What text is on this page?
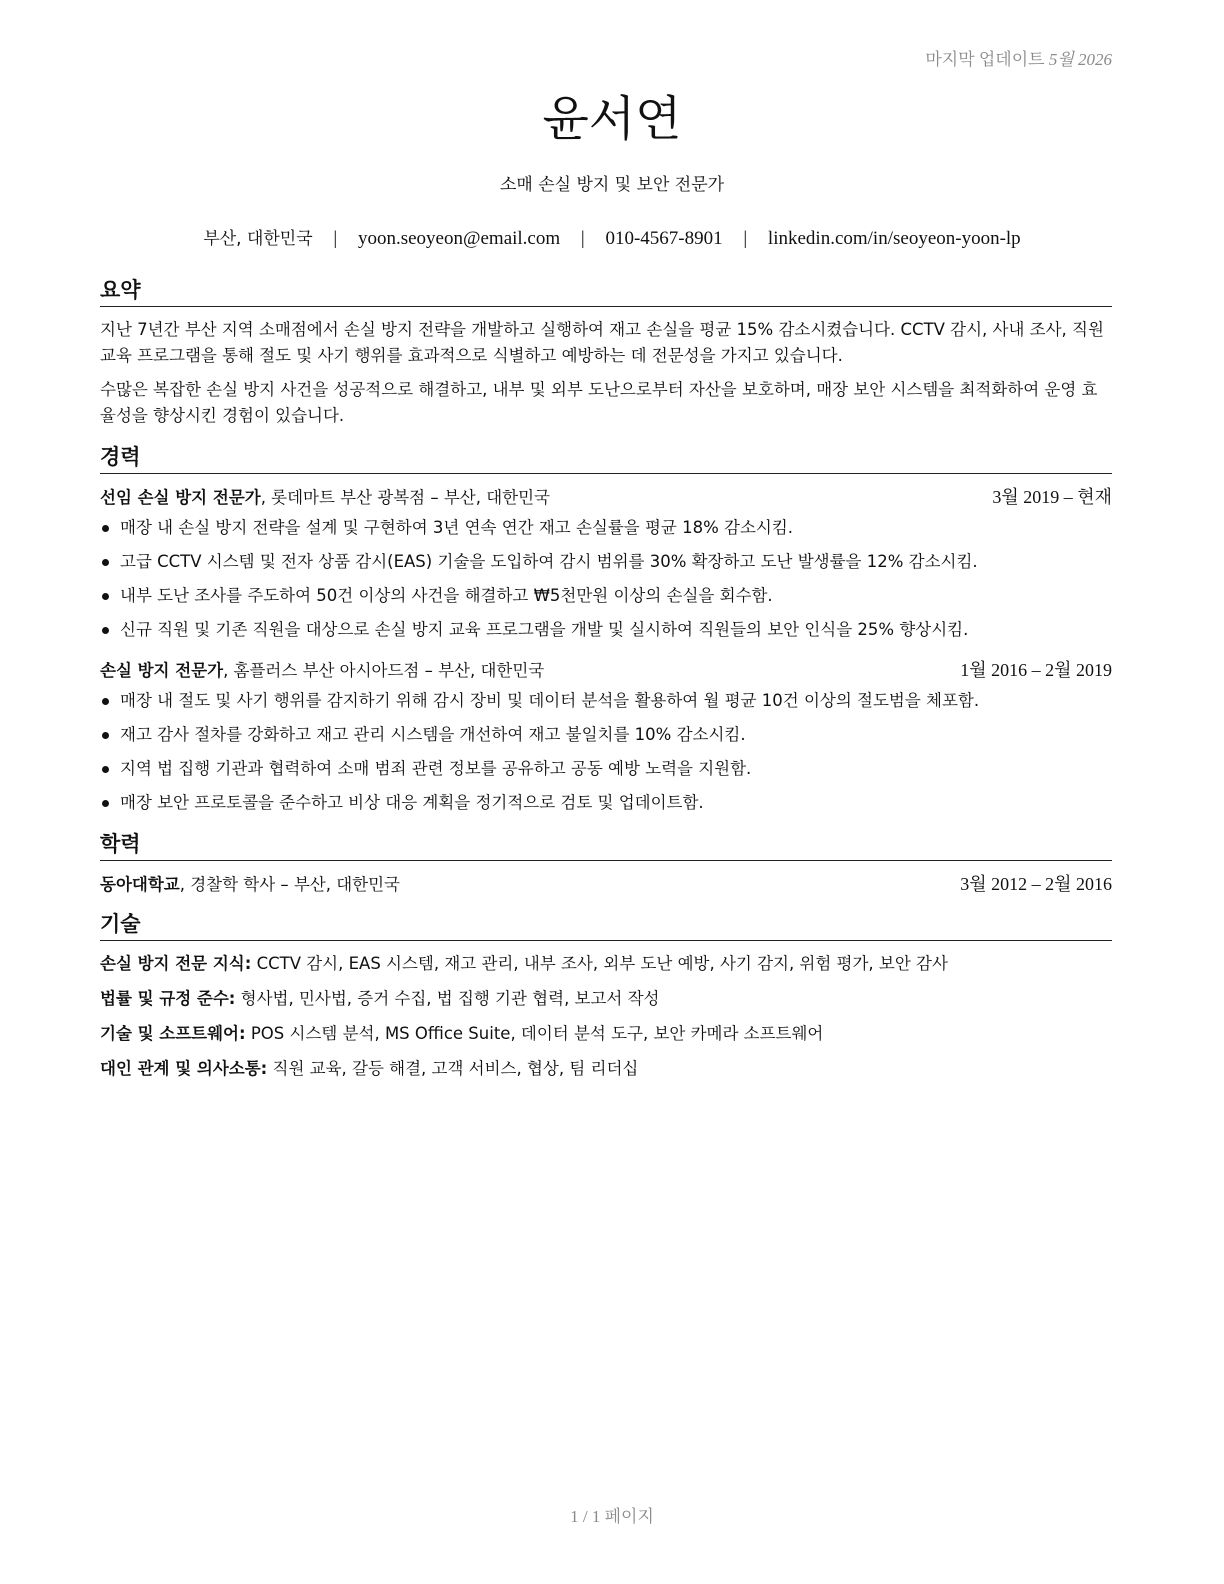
마지막 업데이트 5월 2026
윤서연
소매 손실 방지 및 보안 전문가
부산, 대한민국 | yoon.seoyeon@email.com | 010-4567-8901 | linkedin.com/in/seoyeon-yoon-lp
요약

지난 7년간 부산 지역 소매점에서 손실 방지 전략을 개발하고 실행하여 재고 손실을 평균 15% 감소시켰습니다. CCTV 감시, 사내 조사, 직원 교육 프로그램을 통해 절도 및 사기 행위를 효과적으로 식별하고 예방하는 데 전문성을 가지고 있습니다.

수많은 복잡한 손실 방지 사건을 성공적으로 해결하고, 내부 및 외부 도난으로부터 자산을 보호하며, 매장 보안 시스템을 최적화하여 운영 효율성을 향상시킨 경험이 있습니다.

경력
선임 손실 방지 전문가, 롯데마트 부산 광복점 – 부산, 대한민국	3월 2019 – 현재
매장 내 손실 방지 전략을 설계 및 구현하여 3년 연속 연간 재고 손실률을 평균 18% 감소시킴.
고급 CCTV 시스템 및 전자 상품 감시(EAS) 기술을 도입하여 감시 범위를 30% 확장하고 도난 발생률을 12% 감소시킴.
내부 도난 조사를 주도하여 50건 이상의 사건을 해결하고 ₩5천만원 이상의 손실을 회수함.
신규 직원 및 기존 직원을 대상으로 손실 방지 교육 프로그램을 개발 및 실시하여 직원들의 보안 인식을 25% 향상시킴.
손실 방지 전문가, 홈플러스 부산 아시아드점 – 부산, 대한민국	1월 2016 – 2월 2019
매장 내 절도 및 사기 행위를 감지하기 위해 감시 장비 및 데이터 분석을 활용하여 월 평균 10건 이상의 절도범을 체포함.
재고 감사 절차를 강화하고 재고 관리 시스템을 개선하여 재고 불일치를 10% 감소시킴.
지역 법 집행 기관과 협력하여 소매 범죄 관련 정보를 공유하고 공동 예방 노력을 지원함.
매장 보안 프로토콜을 준수하고 비상 대응 계획을 정기적으로 검토 및 업데이트함.
학력
동아대학교, 경찰학 학사 – 부산, 대한민국	3월 2012 – 2월 2016
기술
손실 방지 전문 지식: CCTV 감시, EAS 시스템, 재고 관리, 내부 조사, 외부 도난 예방, 사기 감지, 위험 평가, 보안 감사
법률 및 규정 준수: 형사법, 민사법, 증거 수집, 법 집행 기관 협력, 보고서 작성
기술 및 소프트웨어: POS 시스템 분석, MS Office Suite, 데이터 분석 도구, 보안 카메라 소프트웨어
대인 관계 및 의사소통: 직원 교육, 갈등 해결, 고객 서비스, 협상, 팀 리더십
1 / 1 페이지
